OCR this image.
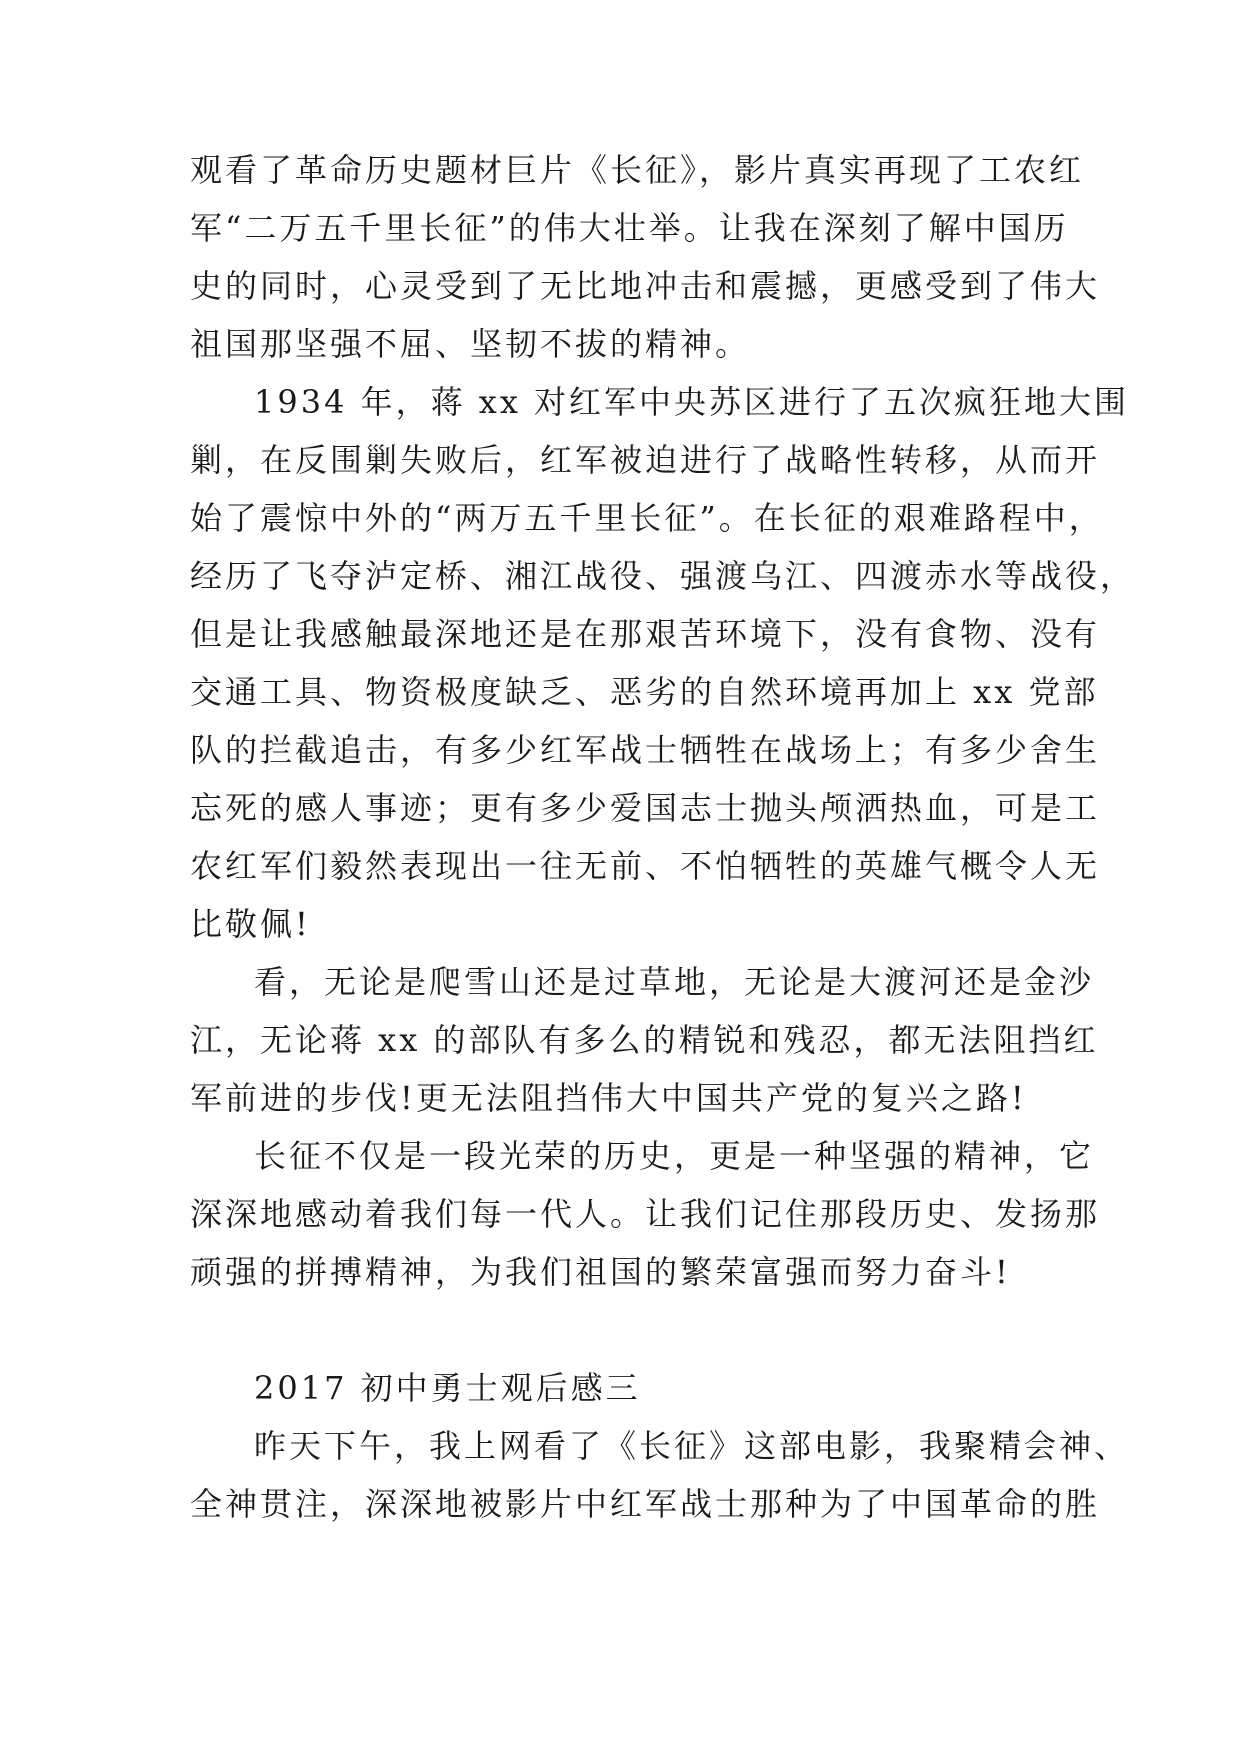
观看了革命历史题材巨片《长征》，影片真实再现了工农红
军“二万五千里长征”的伟大壮举。让我在深刻了解中国历
史的同时，心灵受到了无比地冲击和震撼，更感受到了伟大
祖国那坚强不屈、坚韧不拔的精神。
1934 年，蒋 xx 对红军中央苏区进行了五次疯狂地大围
剿，在反围剿失败后，红军被迫进行了战略性转移，从而开
始了震惊中外的“两万五千里长征”。在长征的艰难路程中，
经历了飞夺泸定桥、湘江战役、强渡乌江、四渡赤水等战役，
但是让我感触最深地还是在那艰苦环境下，没有食物、没有
交通工具、物资极度缺乏、恶劣的自然环境再加上 xx 党部
队的拦截追击，有多少红军战士牺牲在战场上；有多少舍生
忘死的感人事迹；更有多少爱国志士抛头颅洒热血，可是工
农红军们毅然表现出一往无前、不怕牺牲的英雄气概令人无
比敬佩!
看，无论是爬雪山还是过草地，无论是大渡河还是金沙
江，无论蒋 xx 的部队有多么的精锐和残忍，都无法阻挡红
军前进的步伐!更无法阻挡伟大中国共产党的复兴之路!
长征不仅是一段光荣的历史，更是一种坚强的精神，它
深深地感动着我们每一代人。让我们记住那段历史、发扬那
顽强的拼搏精神，为我们祖国的繁荣富强而努力奋斗!
2017 初中勇士观后感三
昨天下午，我上网看了《长征》这部电影，我聚精会神、
全神贯注，深深地被影片中红军战士那种为了中国革命的胜
